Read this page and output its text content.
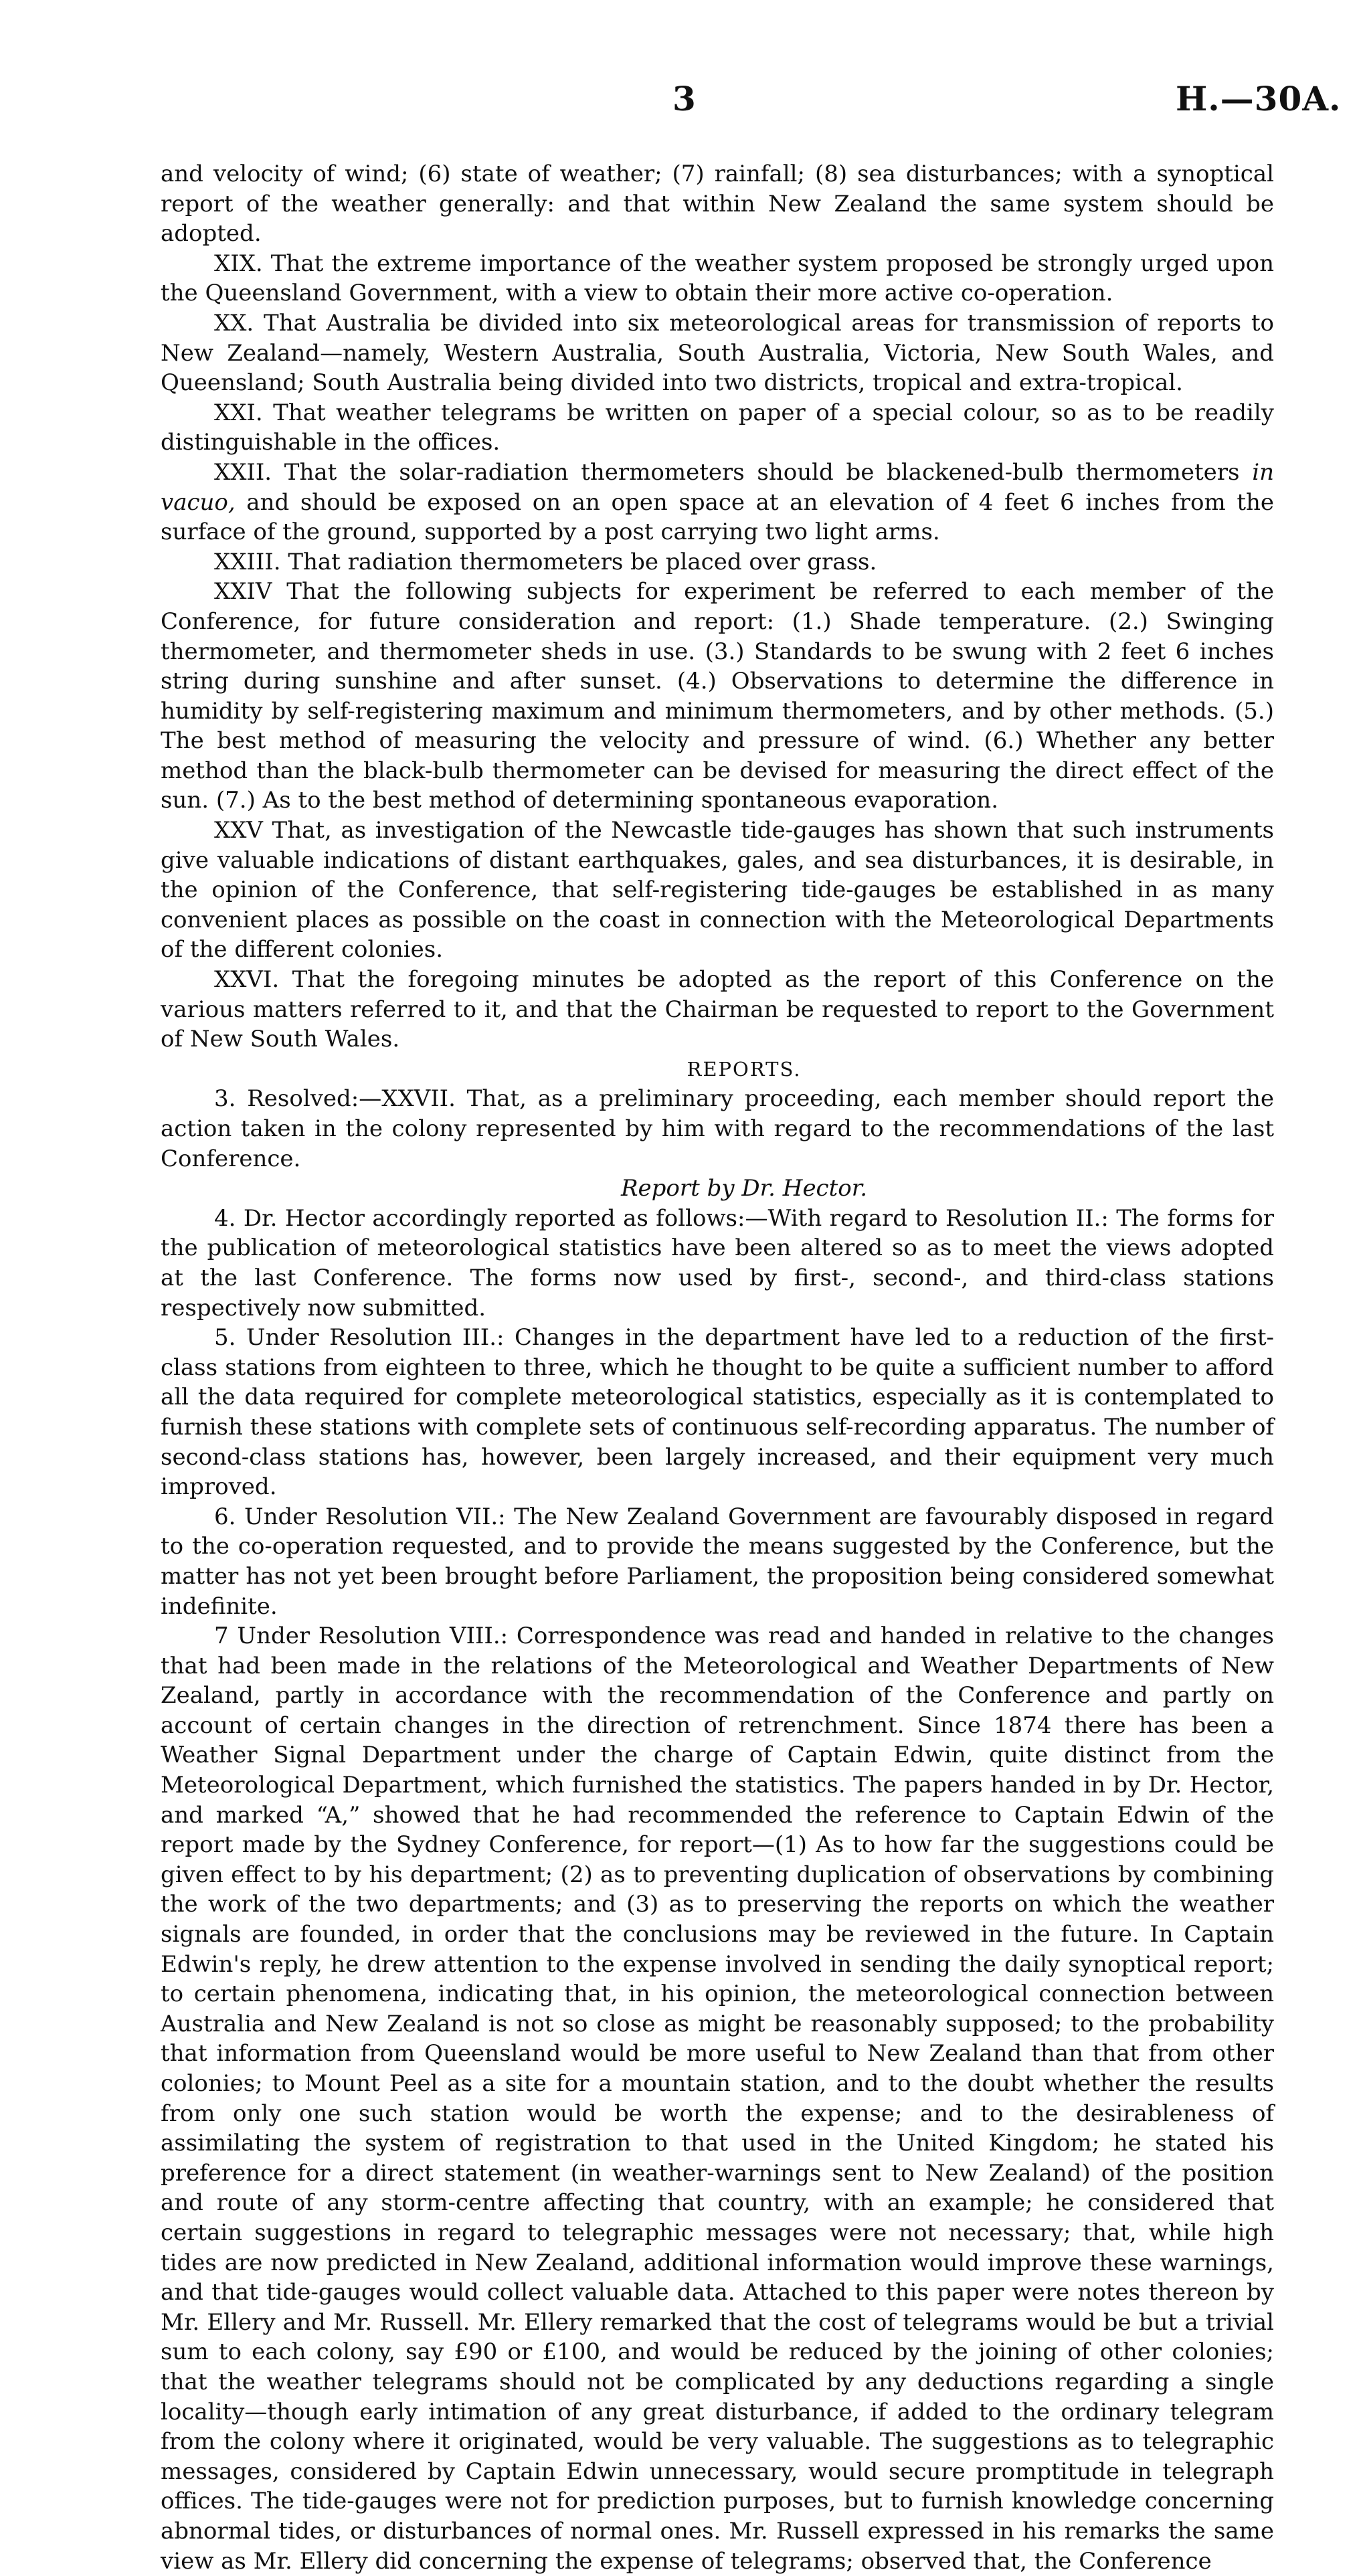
3	H.—30A.

and velocity of wind; (6) state of weather; (7) rainfall; (8) sea disturbances; with a synoptical report of the weather generally: and that within New Zealand the same system should be adopted.

XIX. That the extreme importance of the weather system proposed be strongly urged upon the Queensland Government, with a view to obtain their more active co-operation.

XX. That Australia be divided into six meteorological areas for transmission of reports to New Zealand—namely, Western Australia, South Australia, Victoria, New South Wales, and Queensland; South Australia being divided into two districts, tropical and extra-tropical.

XXI. That weather telegrams be written on paper of a special colour, so as to be readily distinguishable in the offices.

XXII. That the solar-radiation thermometers should be blackened-bulb thermometers in vacuo, and should be exposed on an open space at an elevation of 4 feet 6 inches from the surface of the ground, supported by a post carrying two light arms.

XXIII. That radiation thermometers be placed over grass.

XXIV That the following subjects for experiment be referred to each member of the Conference, for future consideration and report: (1.) Shade temperature. (2.) Swinging thermometer, and thermometer sheds in use. (3.) Standards to be swung with 2 feet 6 inches string during sunshine and after sunset. (4.) Observations to determine the difference in humidity by self-registering maximum and minimum thermometers, and by other methods. (5.) The best method of measuring the velocity and pressure of wind. (6.) Whether any better method than the black-bulb thermometer can be devised for measuring the direct effect of the sun. (7.) As to the best method of determining spontaneous evaporation.

XXV That, as investigation of the Newcastle tide-gauges has shown that such instruments give valuable indications of distant earthquakes, gales, and sea disturbances, it is desirable, in the opinion of the Conference, that self-registering tide-gauges be established in as many convenient places as possible on the coast in connection with the Meteorological Departments of the different colonies.

XXVI. That the foregoing minutes be adopted as the report of this Conference on the various matters referred to it, and that the Chairman be requested to report to the Government of New South Wales.

REPORTS.

3. Resolved:—XXVII. That, as a preliminary proceeding, each member should report the action taken in the colony represented by him with regard to the recommendations of the last Conference.

Report by Dr. Hector.

4. Dr. Hector accordingly reported as follows:—With regard to Resolution II.: The forms for the publication of meteorological statistics have been altered so as to meet the views adopted at the last Conference. The forms now used by first-, second-, and third-class stations respectively now submitted.

5. Under Resolution III.: Changes in the department have led to a reduction of the first-class stations from eighteen to three, which he thought to be quite a sufficient number to afford all the data required for complete meteorological statistics, especially as it is contemplated to furnish these stations with complete sets of continuous self-recording apparatus. The number of second-class stations has, however, been largely increased, and their equipment very much improved.

6. Under Resolution VII.: The New Zealand Government are favourably disposed in regard to the co-operation requested, and to provide the means suggested by the Conference, but the matter has not yet been brought before Parliament, the proposition being considered somewhat indefinite.

7 Under Resolution VIII.: Correspondence was read and handed in relative to the changes that had been made in the relations of the Meteorological and Weather Departments of New Zealand, partly in accordance with the recommendation of the Conference and partly on account of certain changes in the direction of retrenchment. Since 1874 there has been a Weather Signal Department under the charge of Captain Edwin, quite distinct from the Meteorological Department, which furnished the statistics. The papers handed in by Dr. Hector, and marked “A,” showed that he had recommended the reference to Captain Edwin of the report made by the Sydney Conference, for report—(1) As to how far the suggestions could be given effect to by his department; (2) as to preventing duplication of observations by combining the work of the two departments; and (3) as to preserving the reports on which the weather signals are founded, in order that the conclusions may be reviewed in the future. In Captain Edwin's reply, he drew attention to the expense involved in sending the daily synoptical report; to certain phenomena, indicating that, in his opinion, the meteorological connection between Australia and New Zealand is not so close as might be reasonably supposed; to the probability that information from Queensland would be more useful to New Zealand than that from other colonies; to Mount Peel as a site for a mountain station, and to the doubt whether the results from only one such station would be worth the expense; and to the desirableness of assimilating the system of registration to that used in the United Kingdom; he stated his preference for a direct statement (in weather-warnings sent to New Zealand) of the position and route of any storm-centre affecting that country, with an example; he considered that certain suggestions in regard to telegraphic messages were not necessary; that, while high tides are now predicted in New Zealand, additional information would improve these warnings, and that tide-gauges would collect valuable data. Attached to this paper were notes thereon by Mr. Ellery and Mr. Russell. Mr. Ellery remarked that the cost of telegrams would be but a trivial sum to each colony, say £90 or £100, and would be reduced by the joining of other colonies; that the weather telegrams should not be complicated by any deductions regarding a single locality—though early intimation of any great disturbance, if added to the ordinary telegram from the colony where it originated, would be very valuable. The suggestions as to telegraphic messages, considered by Captain Edwin unnecessary, would secure promptitude in telegraph offices. The tide-gauges were not for prediction purposes, but to furnish knowledge concerning abnormal tides, or disturbances of normal ones. Mr. Russell expressed in his remarks the same view as Mr. Ellery did concerning the expense of telegrams; observed that, the Conference
